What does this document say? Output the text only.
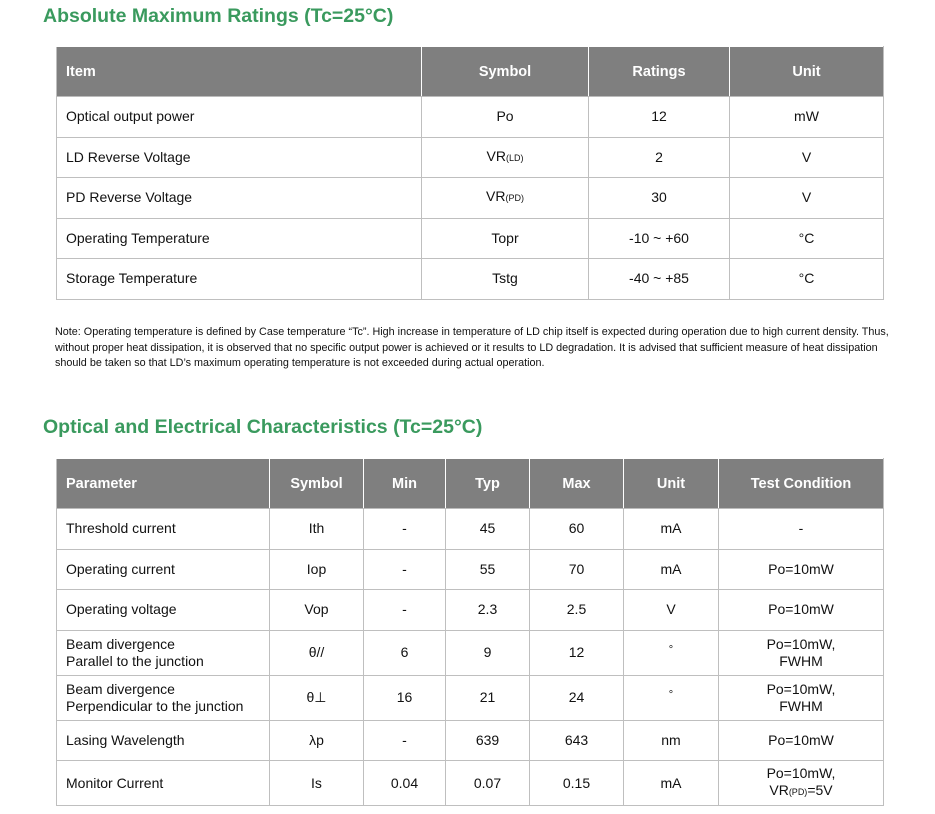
Absolute Maximum Ratings (Tc=25°C)
Item	Symbol	Ratings	Unit
Optical output power	Po	12	mW
LD Reverse Voltage	VR(LD)	2	V
PD Reverse Voltage	VR(PD)	30	V
Operating Temperature	Topr	-10 ~ +60	°C
Storage Temperature	Tstg	-40 ~ +85	°C
Note: Operating temperature is defined by Case temperature “Tc”. High increase in temperature of LD chip itself is expected during operation due to high current density. Thus, without proper heat dissipation, it is observed that no specific output power is achieved or it results to LD degradation. It is advised that sufficient measure of heat dissipation should be taken so that LD’s maximum operating temperature is not exceeded during actual operation.
Optical and Electrical Characteristics (Tc=25°C)
Parameter	Symbol	Min	Typ	Max	Unit	Test Condition
Threshold current	Ith	-	45	60	mA	-
Operating current	Iop	-	55	70	mA	Po=10mW
Operating voltage	Vop	-	2.3	2.5	V	Po=10mW
Beam divergence
Parallel to the junction	θ//	6	9	12	°	Po=10mW,
FWHM
Beam divergence
Perpendicular to the junction	θ⊥	16	21	24	°	Po=10mW,
FWHM
Lasing Wavelength	λp	-	639	643	nm	Po=10mW
Monitor Current	Is	0.04	0.07	0.15	mA	Po=10mW,
VR(PD)=5V
